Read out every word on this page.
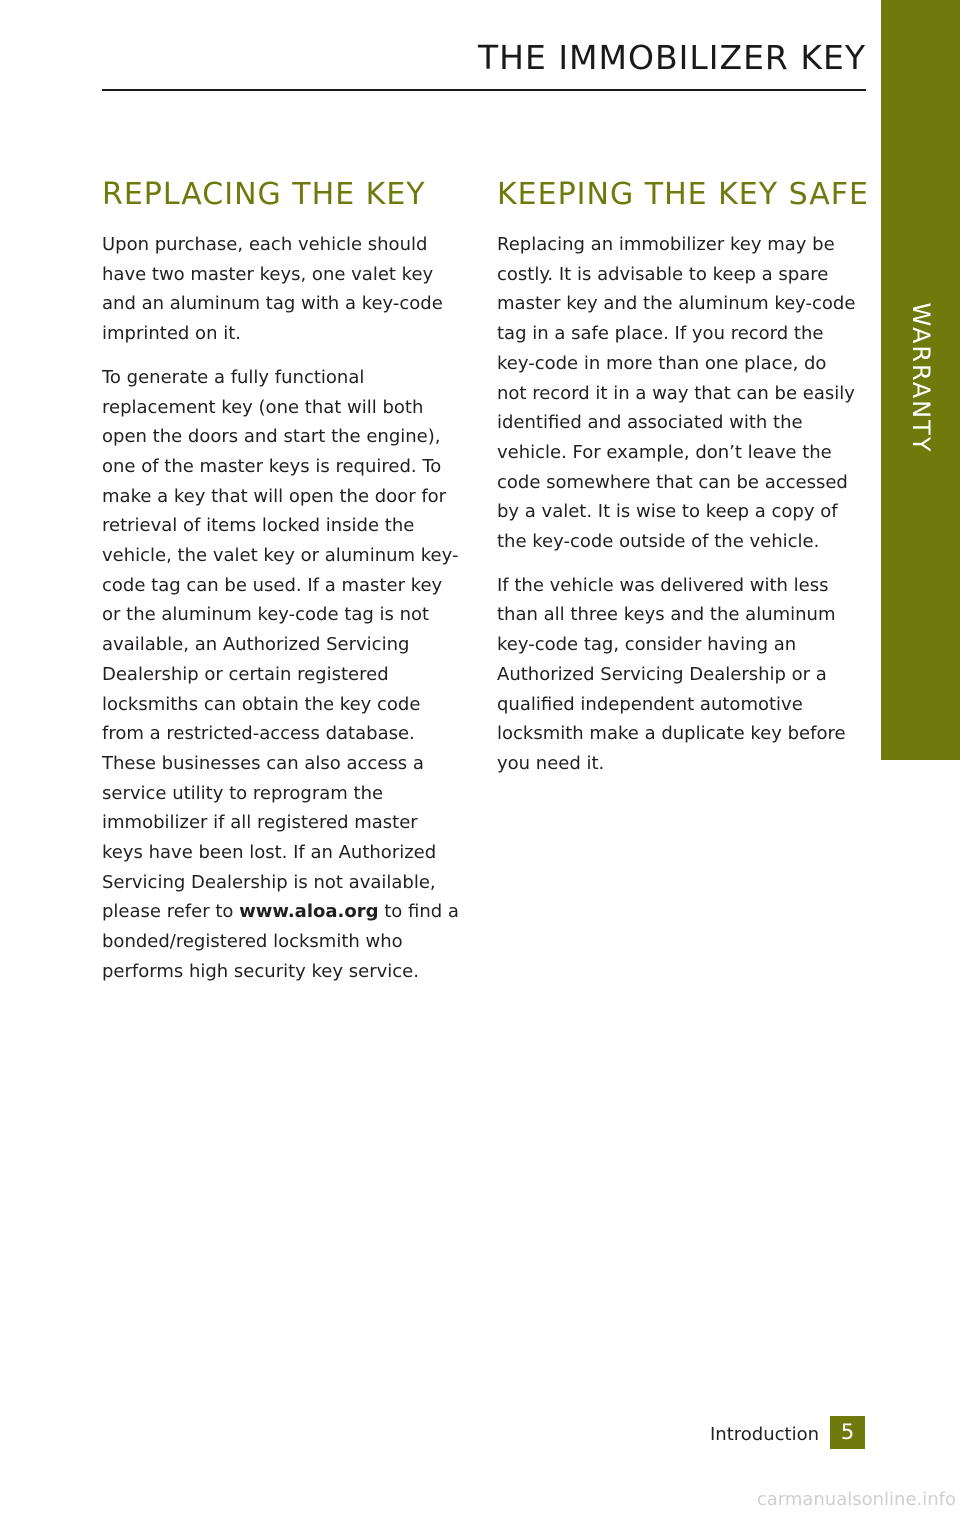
THE IMMOBILIZER KEY
WARRANTY
REPLACING THE KEY

Upon purchase, each vehicle should have two master keys, one valet key and an aluminum tag with a key-code imprinted on it.

To generate a fully functional replacement key (one that will both open the doors and start the engine), one of the master keys is required. To make a key that will open the door for retrieval of items locked inside the vehicle, the valet key or aluminum key-code tag can be used. If a master key or the aluminum key-code tag is not available, an Authorized Servicing Dealership or certain registered locksmiths can obtain the key code from a restricted-access database. These businesses can also access a service utility to reprogram the immobilizer if all registered master keys have been lost. If an Authorized Servicing Dealership is not available, please refer to www.aloa.org to find a bonded/registered locksmith who performs high security key service.

KEEPING THE KEY SAFE

Replacing an immobilizer key may be costly. It is advisable to keep a spare master key and the aluminum key-code tag in a safe place. If you record the key-code in more than one place, do not record it in a way that can be easily identified and associated with the vehicle. For example, don’t leave the code somewhere that can be accessed by a valet. It is wise to keep a copy of the key-code outside of the vehicle.

If the vehicle was delivered with less than all three keys and the aluminum key-code tag, consider having an Authorized Servicing Dealership or a qualified independent automotive locksmith make a duplicate key before you need it.

Introduction	5
carmanualsonline.info
